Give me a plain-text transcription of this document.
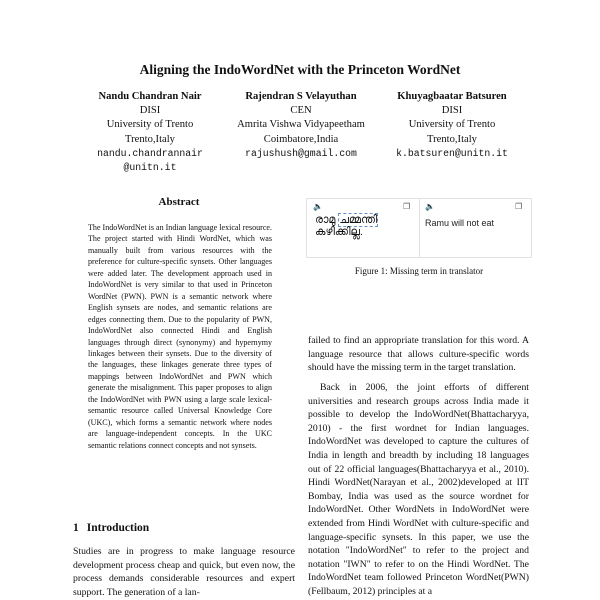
Aligning the IndoWordNet with the Princeton WordNet
Nandu Chandran Nair
DISI
University of Trento
Trento,Italy
nandu.chandrannair
@unitn.it
Rajendran S Velayuthan
CEN
Amrita Vishwa Vidyapeetham
Coimbatore,India
rajushush@gmail.com
Khuyagbaatar Batsuren
DISI
University of Trento
Trento,Italy
k.batsuren@unitn.it
Abstract
The IndoWordNet is an Indian language lexical resource. The project started with Hindi WordNet, which was manually built from various resources with the preference for culture-specific synsets. Other languages were added later. The development approach used in IndoWordNet is very similar to that used in Princeton WordNet (PWN). PWN is a semantic network where English synsets are nodes, and semantic relations are edges connecting them. Due to the popularity of PWN, IndoWordNet also connected Hindi and English languages through direct (synonymy) and hypernymy linkages between their synsets. Due to the diversity of the languages, these linkages generate three types of mappings between IndoWordNet and PWN which generate the misalignment. This paper proposes to align the IndoWordNet with PWN using a large scale lexical-semantic resource called Universal Knowledge Core (UKC), which forms a semantic network where nodes are language-independent concepts. In the UKC semantic relations connect concepts and not synsets.
1 Introduction
Studies are in progress to make language resource development process cheap and quick, but even now, the process demands considerable resources and expert support. The generation of a lan-
🔈	❐ 🔈	❐
രാമു ചമ്മന്തി
കഴിക്കില്ല.
Ramu will not eat
Figure 1: Missing term in translator
failed to find an appropriate translation for this word. A language resource that allows culture-specific words should have the missing term in the target translation.
Back in 2006, the joint efforts of different universities and research groups across India made it possible to develop the IndoWordNet(Bhattacharyya, 2010) - the first wordnet for Indian languages. IndoWordNet was developed to capture the cultures of India in length and breadth by including 18 languages out of 22 official languages(Bhattacharyya et al., 2010). Hindi WordNet(Narayan et al., 2002)developed at IIT Bombay, India was used as the source wordnet for IndoWordNet. Other WordNets in IndoWordNet were extended from Hindi WordNet with culture-specific and language-specific synsets. In this paper, we use the notation "IndoWordNet" to refer to the project and notation "IWN" to refer to on the Hindi WordNet. The IndoWordNet team followed Princeton WordNet(PWN)(Fellbaum, 2012) principles at a
